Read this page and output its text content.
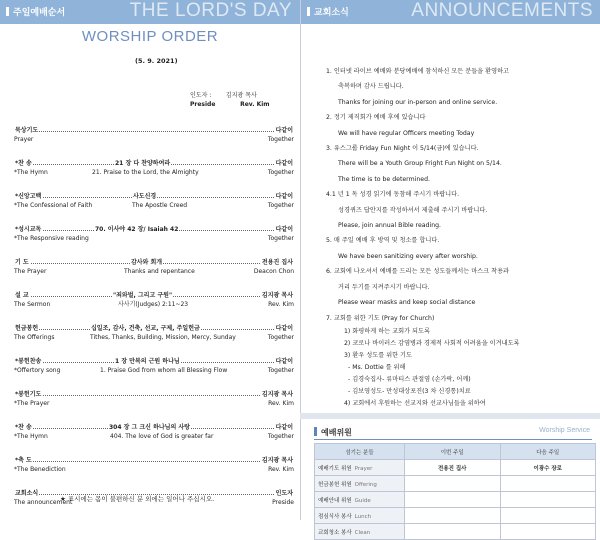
주일예배순서	THE LORD'S DAY
WORSHIP ORDER
(5. 9. 2021)
인도자 : 김지광 목사
Preside	Rev. Kim
묵상기도	다같이
Prayer	Together
*찬 송	21 장 다 찬양하여라	다같이
*The Hymn	21. Praise to the Lord, the Almighty	Together
*신앙고백	사도신경	다같이
*The Confessional of Faith	The Apostle Creed	Together
*성시교독	70. 이사야 42 장/ Isaiah 42	다같이
*The Responsive reading	Together
기 도	감사와 회개	전용진 집사
The Prayer	Thanks and repentance	Deacon Chon
설 교	"죄와벌, 그리고 구원"	김지광 목사
The Sermon	사사기(Judges) 2:11~23	Rev. Kim
헌금봉헌	십일조, 감사, 건축, 선교, 구제, 주일헌금	다같이
The Offerings	Tithes, Thanks, Building, Mission, Mercy, Sunday	Together
*봉헌찬송	1 장 만복의 근원 하나님	다같이
*Offertory song	1. Praise God from whom all Blessing Flow	Together
*봉헌기도	김지광 목사
*The Prayer	Rev. Kim
*찬 송	304 장 그 크신 하나님의 사랑	다같이
*The Hymn	404. The love of God is greater far	Together
*축 도	김지광 목사
*The Benediction	Rev. Kim
교회소식	인도자
The announcement	Preside
★ 표시에는 몸이 불편하신 분 외에는 일어나 주십시오.
교회소식	ANNOUNCEMENTS

1. 인터넷 라이브 예배와 분당예배에 참석하신 모든 분들을 환영하고

축복하며 감사 드립니다.

Thanks for joining our in-person and online service.

2. 정기 제직회가 예배 후에 있습니다

We will have regular Officers meeting Today

3. 유스그룹 Friday Fun Night 이 5/14(금)에 있습니다.

There will be a Youth Group Fright Fun Night on 5/14.

The time is to be determined.

4.1 년 1 독 성경 읽기에 동참해 주시기 바랍니다.

성경퀴즈 답안지를 작성하셔서 제출해 주시기 바랍니다.

Please, join annual Bible reading.

5. 매 주일 예배 후 방역 및 청소를 합니다.

We have been sanitizing every after worship.

6. 교회에 나오셔서 예배를 드리는 모든 성도들께서는 마스크 착용과

거리 두기를 지켜주시기 바랍니다.

Please wear masks and keep social distance

7. 교회를 위한 기도 (Pray for Church)

1) 화평하게 하는 교회가 되도록

2) 코로나 바이러스 감염병과 경제적 사회적 어려움을 이겨내도록

3) 환우 성도를 위한 기도

- Ms. Dottie 를 위해

- 김경숙집사- 류마티스 관절염 (손가락, 어깨)

- 김보영성도- 만성대상포진(3 차 신경통)치료

4) 교회에서 후원하는 선교지와 선교사님들을 위하여

예배위원	Worship Service
섬기는 분들	이번 주일	다음 주일
예배기도 위원 Prayer	전용진 집사	이광수 장로
헌금봉헌 위원 Offering		
예배안내 위원 Guide		
점심식사 봉사 Lunch		
교회청소 봉사 Clean		
